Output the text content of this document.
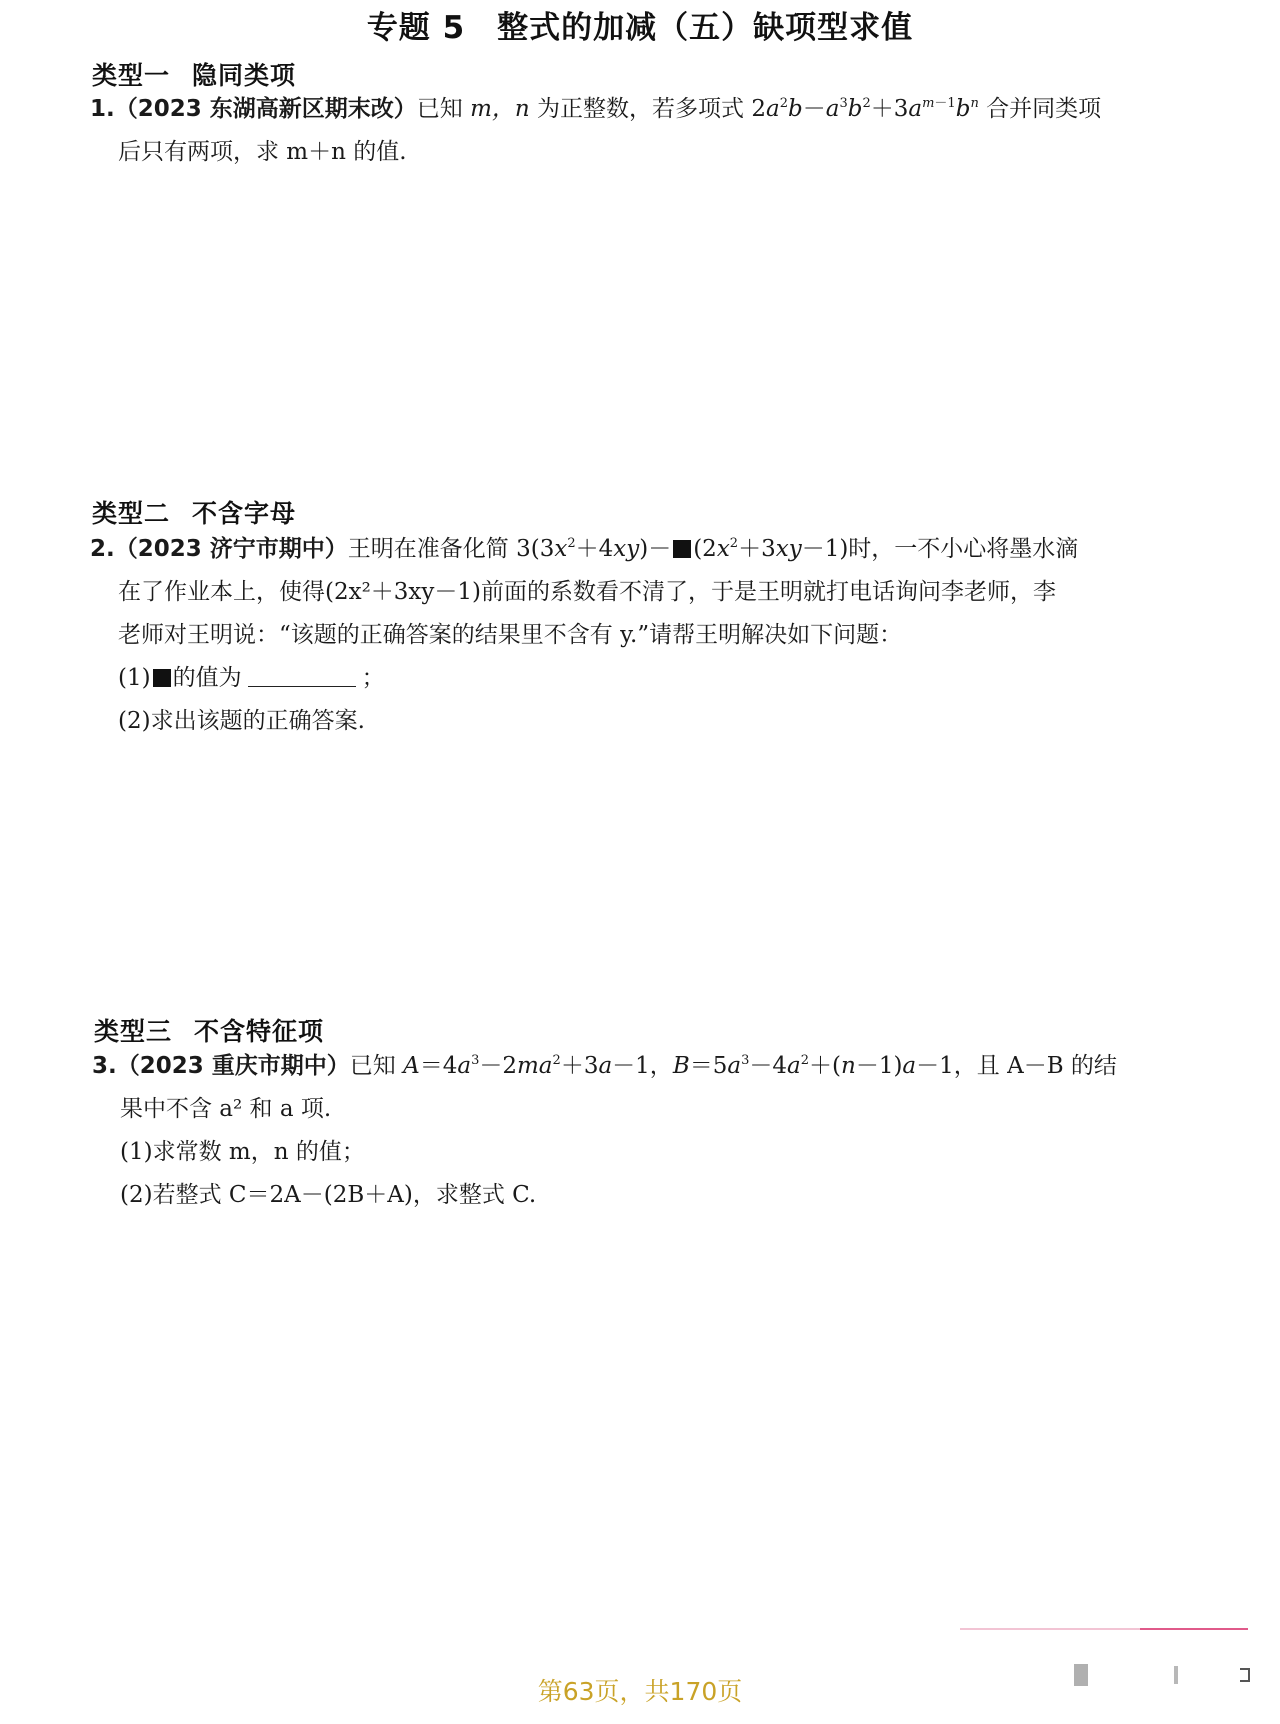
专题 5　整式的加减（五）缺项型求值
类型一 隐同类项
1.（2023 东湖高新区期末改）已知 m，n 为正整数，若多项式 $2a^2b-a^3b^2+3a^{m-1}b^n$ 合并同类项
后只有两项，求 m＋n 的值.
类型二 不含字母
2.（2023 济宁市期中）王明在准备化简 $3(3x^2+4xy)- (2x^2+3xy-1)$时，一不小心将墨水滴
在了作业本上，使得(2x²＋3xy－1)前面的系数看不清了，于是王明就打电话询问李老师，李
老师对王明说：“该题的正确答案的结果里不含有 y.”请帮王明解决如下问题：
(1) 的值为	；
(2)求出该题的正确答案.
类型三 不含特征项
3.（2023 重庆市期中）已知 $A=4a^3-2ma^2+3a-1$，$B=5a^3-4a^2+(n-1)a-1$，且 A－B 的结
果中不含 a² 和 a 项.
(1)求常数 m，n 的值；
(2)若整式 C＝2A－(2B＋A)，求整式 C.
第63页，共170页
